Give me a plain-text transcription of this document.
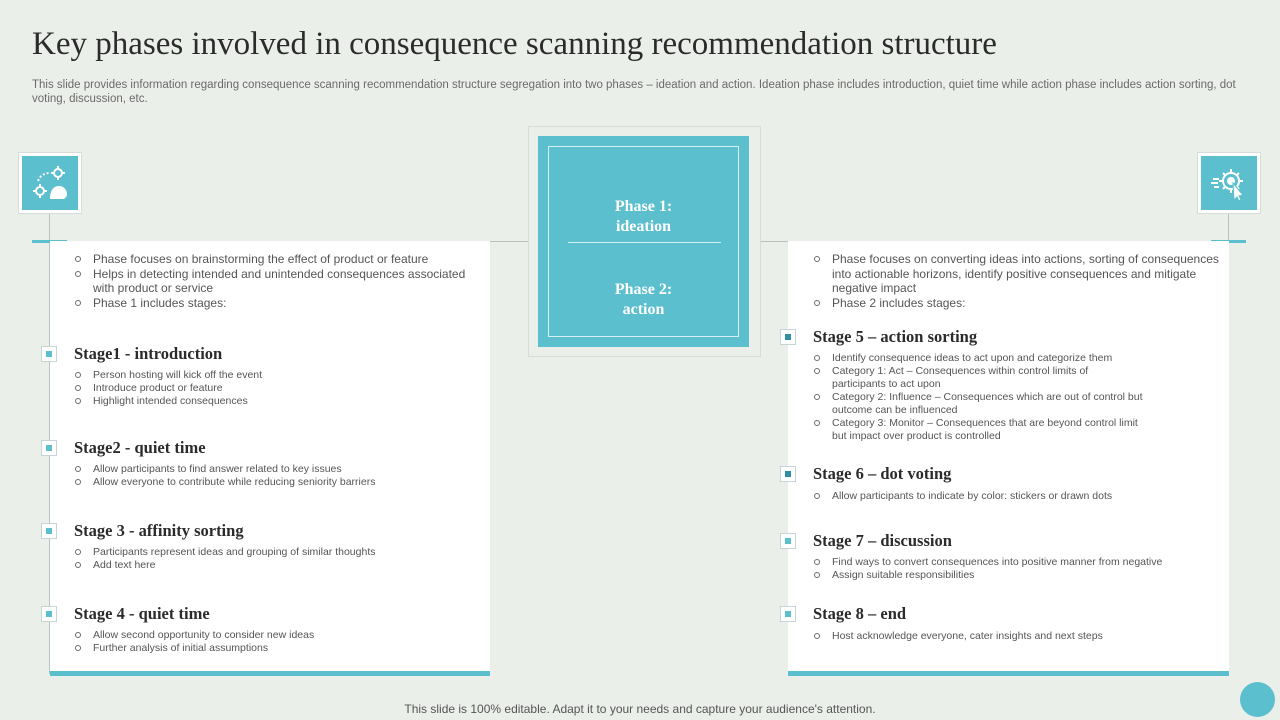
Key phases involved in consequence scanning recommendation structure

This slide provides information regarding consequence scanning recommendation structure segregation into two phases – ideation and action. Ideation phase includes introduction, quiet time while action phase includes action sorting, dot voting, discussion, etc.

Phase 1:
ideation
Phase 2:
action
Phase focuses on brainstorming the effect of product or feature
Helps in detecting intended and unintended consequences associated with product or service
Phase 1 includes stages:
Stage1 - introduction
Person hosting will kick off the event
Introduce product or feature
Highlight intended consequences
Stage2 - quiet time
Allow participants to find answer related to key issues
Allow everyone to contribute while reducing seniority barriers
Stage 3 - affinity sorting
Participants represent ideas and grouping of similar thoughts
Add text here
Stage 4 - quiet time
Allow second opportunity to consider new ideas
Further analysis of initial assumptions
Phase focuses on converting ideas into actions, sorting of consequences into actionable horizons, identify positive consequences and mitigate negative impact
Phase 2 includes stages:
Stage 5 – action sorting
Identify consequence ideas to act upon and categorize them
Category 1: Act – Consequences within control limits of participants to act upon
Category 2: Influence – Consequences which are out of control but outcome can be influenced
Category 3: Monitor – Consequences that are beyond control limit but impact over product is controlled
Stage 6 – dot voting
Allow participants to indicate by color: stickers or drawn dots
Stage 7 – discussion
Find ways to convert consequences into positive manner from negative
Assign suitable responsibilities
Stage 8 – end
Host acknowledge everyone, cater insights and next steps
This slide is 100% editable. Adapt it to your needs and capture your audience's attention.
